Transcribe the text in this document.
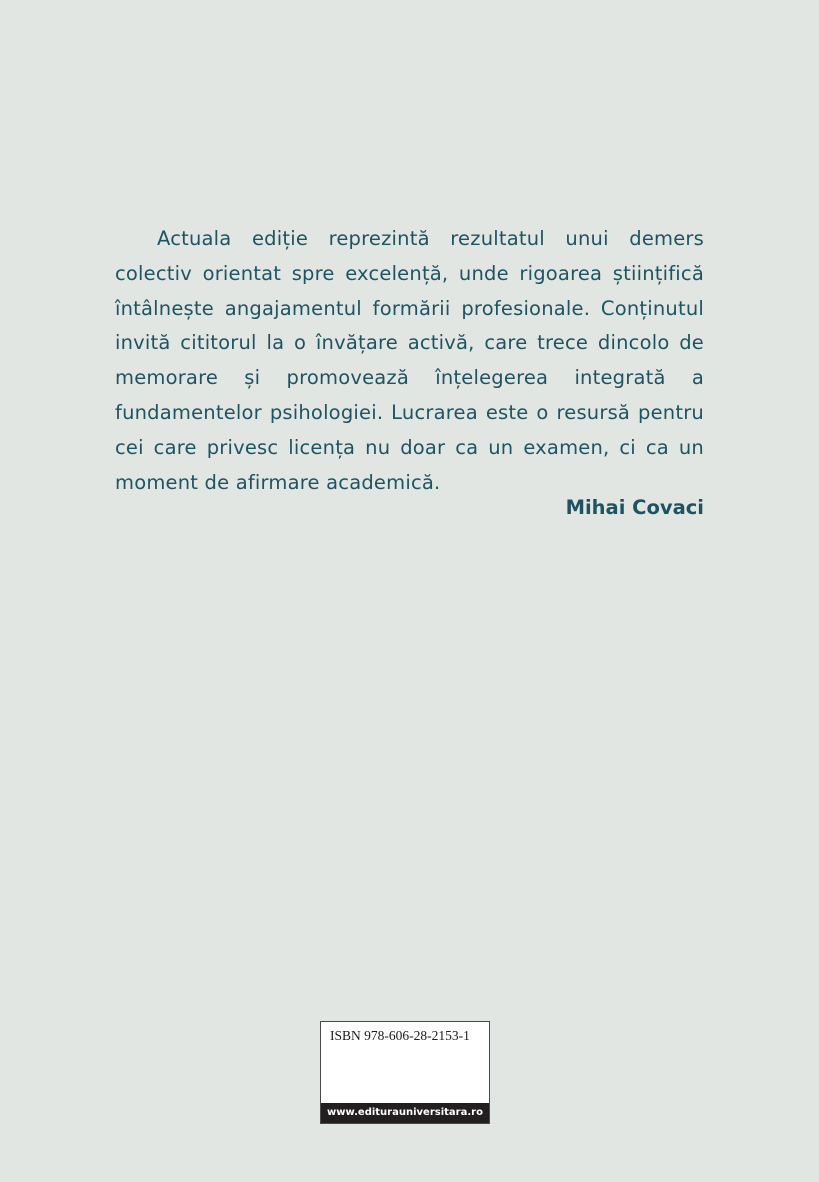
Actuala ediție reprezintă rezultatul unui demers colectiv orientat spre excelență, unde rigoarea științifică întâlnește angajamentul formării profesionale. Conținutul invită cititorul la o învățare activă, care trece dincolo de memorare și promovează înțelegerea integrată a fundamentelor psihologiei. Lucrarea este o resursă pentru cei care privesc licența nu doar ca un examen, ci ca un moment de afirmare academică.

Mihai Covaci
ISBN 978-606-28-2153-1
www.editurauniversitara.ro
